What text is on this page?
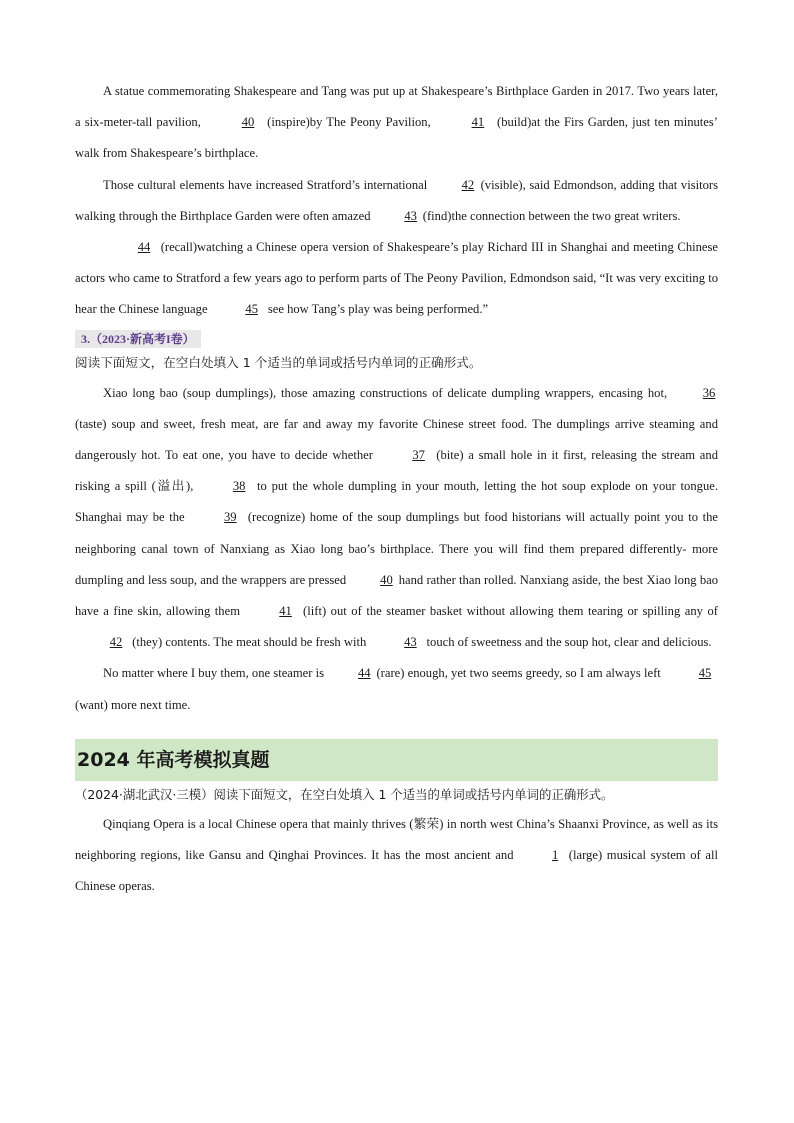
A statue commemorating Shakespeare and Tang was put up at Shakespeare’s Birthplace Garden in 2017. Two years later, a six-meter-tall pavilion,	40 (inspire)by The Peony Pavilion,	41 (build)at the Firs Garden, just ten minutes’ walk from Shakespeare’s birthplace.

Those cultural elements have increased Stratford’s international 42 (visible), said Edmondson, adding that visitors walking through the Birthplace Garden were often amazed 43 (find)the connection between the two great writers.

44 (recall)watching a Chinese opera version of Shakespeare’s play Richard III in Shanghai and meeting Chinese actors who came to Stratford a few years ago to perform parts of The Peony Pavilion, Edmondson said, “It was very exciting to hear the Chinese language	45 see how Tang’s play was being performed.”

3.（2023·新高考I卷）
阅读下面短文，在空白处填入 1 个适当的单词或括号内单词的正确形式。

Xiao long bao (soup dumplings), those amazing constructions of delicate dumpling wrappers, encasing hot, 36 (taste) soup and sweet, fresh meat, are far and away my favorite Chinese street food. The dumplings arrive steaming and dangerously hot. To eat one, you have to decide whether	37 (bite) a small hole in it first, releasing the stream and risking a spill (溢出),	38 to put the whole dumpling in your mouth, letting the hot soup explode on your tongue. Shanghai may be the	39 (recognize) home of the soup dumplings but food historians will actually point you to the neighboring canal town of Nanxiang as Xiao long bao’s birthplace. There you will find them prepared differently- more dumpling and less soup, and the wrappers are pressed 40 hand rather than rolled. Nanxiang aside, the best Xiao long bao have a fine skin, allowing them	41 (lift) out of the steamer basket without allowing them tearing or spilling any of 42 (they) contents. The meat should be fresh with	43 touch of sweetness and the soup hot, clear and delicious.

No matter where I buy them, one steamer is 44 (rare) enough, yet two seems greedy, so I am always left	45 (want) more next time.

2024 年高考模拟真题
（2024·湖北武汉·三模）阅读下面短文，在空白处填入 1 个适当的单词或括号内单词的正确形式。

Qinqiang Opera is a local Chinese opera that mainly thrives (繁荣) in north west China’s Shaanxi Province, as well as its neighboring regions, like Gansu and Qinghai Provinces. It has the most ancient and	1 (large) musical system of all Chinese operas.
